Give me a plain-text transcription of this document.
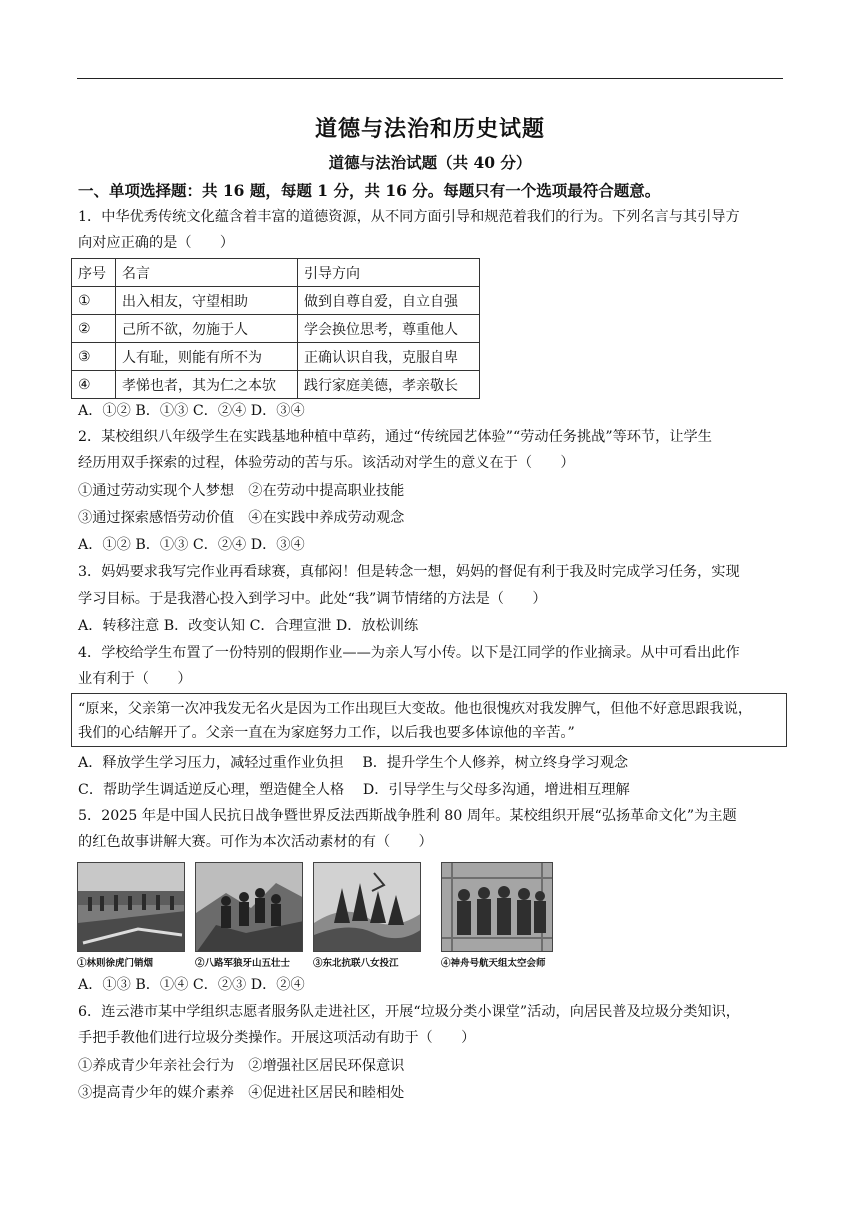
道德与法治和历史试题
道德与法治试题（共 40 分）
一、单项选择题：共 16 题，每题 1 分，共 16 分。每题只有一个选项最符合题意。
1．中华优秀传统文化蕴含着丰富的道德资源，从不同方面引导和规范着我们的行为。下列名言与其引导方
向对应正确的是（　　）
序号	名言	引导方向
①	出入相友，守望相助	做到自尊自爱，自立自强
②	己所不欲，勿施于人	学会换位思考，尊重他人
③	人有耻，则能有所不为	正确认识自我，克服自卑
④	孝悌也者，其为仁之本欤	践行家庭美德，孝亲敬长
A．①② B．①③ C．②④ D．③④
2．某校组织八年级学生在实践基地种植中草药，通过“传统园艺体验”“劳动任务挑战”等环节，让学生
经历用双手探索的过程，体验劳动的苦与乐。该活动对学生的意义在于（　　）
①通过劳动实现个人梦想　②在劳动中提高职业技能
③通过探索感悟劳动价值　④在实践中养成劳动观念
A．①② B．①③ C．②④ D．③④
3．妈妈要求我写完作业再看球赛，真郁闷！但是转念一想，妈妈的督促有利于我及时完成学习任务，实现
学习目标。于是我潜心投入到学习中。此处“我”调节情绪的方法是（　　）
A．转移注意 B．改变认知 C．合理宣泄 D．放松训练
4．学校给学生布置了一份特别的假期作业——为亲人写小传。以下是江同学的作业摘录。从中可看出此作
业有利于（　　）
“原来，父亲第一次冲我发无名火是因为工作出现巨大变故。他也很愧疚对我发脾气，但他不好意思跟我说，
我们的心结解开了。父亲一直在为家庭努力工作，以后我也要多体谅他的辛苦。”
A．释放学生学习压力，减轻过重作业负担　 B．提升学生个人修养，树立终身学习观念
C．帮助学生调适逆反心理，塑造健全人格　 D．引导学生与父母多沟通，增进相互理解
5．2025 年是中国人民抗日战争暨世界反法西斯战争胜利 80 周年。某校组织开展“弘扬革命文化”为主题
的红色故事讲解大赛。可作为本次活动素材的有（　　）
①林则徐虎门销烟	②八路军狼牙山五壮士	③东北抗联八女投江	④神舟号航天组太空会师
A．①③ B．①④ C．②③ D．②④
6．连云港市某中学组织志愿者服务队走进社区，开展“垃圾分类小课堂”活动，向居民普及垃圾分类知识，
手把手教他们进行垃圾分类操作。开展这项活动有助于（　　）
①养成青少年亲社会行为　②增强社区居民环保意识
③提高青少年的媒介素养　④促进社区居民和睦相处
